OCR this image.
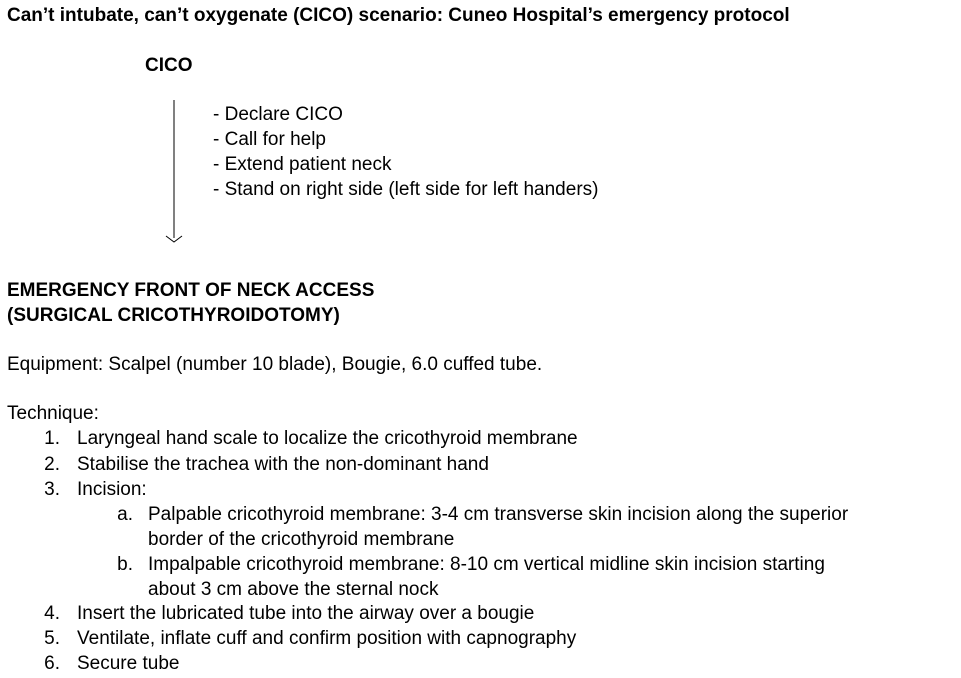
Can’t intubate, can’t oxygenate (CICO) scenario: Cuneo Hospital’s emergency protocol
CICO
- Declare CICO
- Call for help
- Extend patient neck
- Stand on right side (left side for left handers)
EMERGENCY FRONT OF NECK ACCESS
(SURGICAL CRICOTHYROIDOTOMY)
Equipment: Scalpel (number 10 blade), Bougie, 6.0 cuffed tube.
Technique:
1. Laryngeal hand scale to localize the cricothyroid membrane
2. Stabilise the trachea with the non-dominant hand
3. Incision:
a. Palpable cricothyroid membrane: 3-4 cm transverse skin incision along the superior
border of the cricothyroid membrane
b. Impalpable cricothyroid membrane: 8-10 cm vertical midline skin incision starting
about 3 cm above the sternal nock
4. Insert the lubricated tube into the airway over a bougie
5. Ventilate, inflate cuff and confirm position with capnography
6. Secure tube
